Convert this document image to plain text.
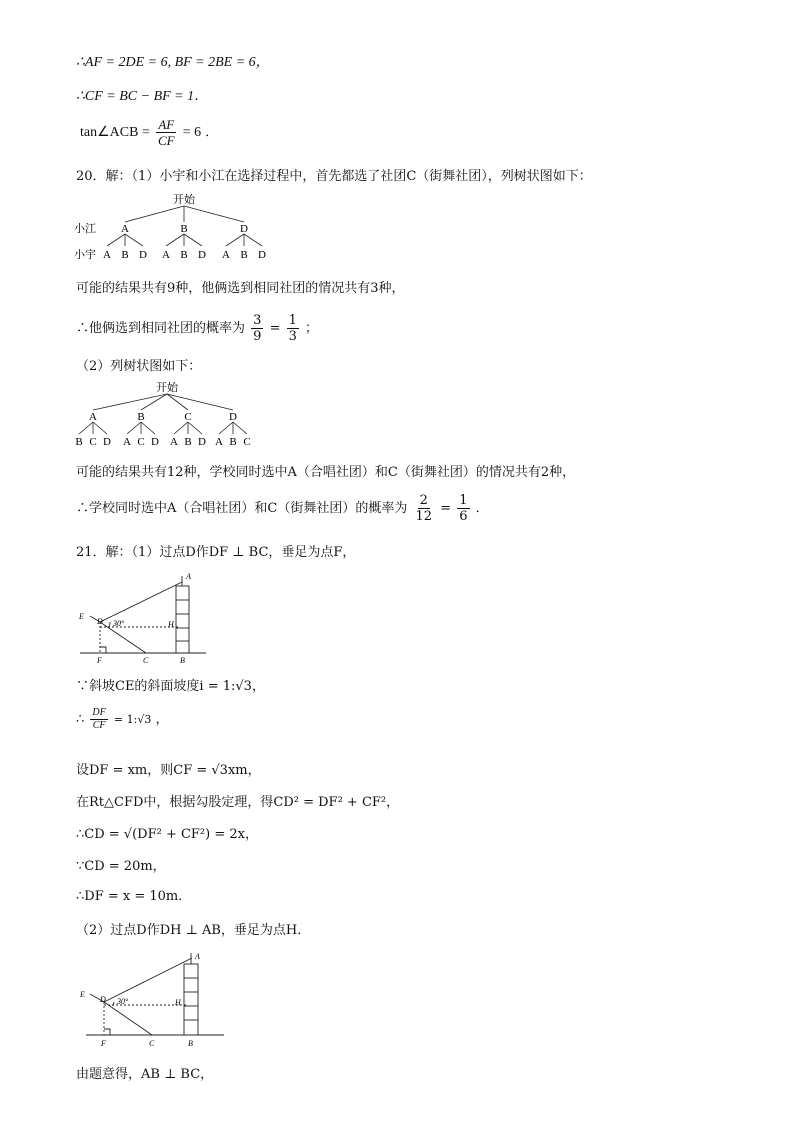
∴AF = 2DE = 6, BF = 2BE = 6，
∴CF = BC − BF = 1．
tan∠ACB = $\frac{AF}{CF} = 6$ ．
20．解：（1）小宇和小江在选择过程中，首先都选了社团C（街舞社团），列树状图如下：
开始
小江
小宇
A	B	D
A B D A B D A B D
可能的结果共有9种，他俩选到相同社团的情况共有3种，
∴他俩选到相同社团的概率为 $\frac{3}{9} = \frac{1}{3}$ ；
（2）列树状图如下：
开始
A	B	C	D
B C D A C D A B D A B C
可能的结果共有12种，学校同时选中A（合唱社团）和C（街舞社团）的情况共有2种，
∴学校同时选中A（合唱社团）和C（街舞社团）的概率为 $\frac{2}{12} = \frac{1}{6}$ ．
21．解：（1）过点D作DF ⊥ BC，垂足为点F，
A
E
D 30°	H
F	C	B
∵斜坡CE的斜面坡度i = 1:√3，
∴ $\frac{DF}{CF}$ = 1:√3 ，
设DF = xm，则CF = √3xm，
在Rt△CFD中，根据勾股定理，得CD² = DF² + CF²，
∴CD = √(DF² + CF²) = 2x，
∵CD = 20m，
∴DF = x = 10m．
（2）过点D作DH ⊥ AB，垂足为点H．
A
E
D 30°	H
F	C	B
由题意得，AB ⊥ BC，
